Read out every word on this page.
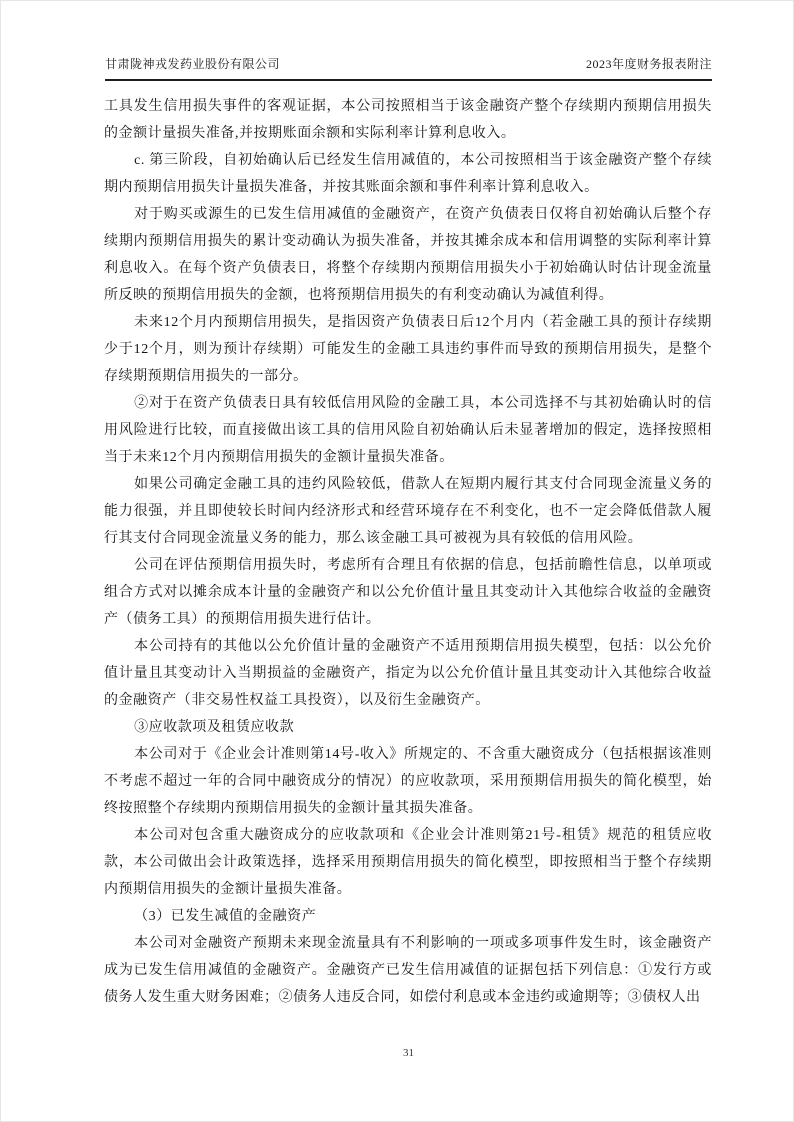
甘肃陇神戎发药业股份有限公司	2023年度财务报表附注

工具发生信用损失事件的客观证据，本公司按照相当于该金融资产整个存续期内预期信用损失的金额计量损失准备,并按期账面余额和实际利率计算利息收入。

c. 第三阶段，自初始确认后已经发生信用减值的，本公司按照相当于该金融资产整个存续期内预期信用损失计量损失准备，并按其账面余额和事件利率计算利息收入。

对于购买或源生的已发生信用减值的金融资产，在资产负债表日仅将自初始确认后整个存续期内预期信用损失的累计变动确认为损失准备，并按其摊余成本和信用调整的实际利率计算利息收入。在每个资产负债表日，将整个存续期内预期信用损失小于初始确认时估计现金流量所反映的预期信用损失的金额，也将预期信用损失的有利变动确认为减值利得。

未来12个月内预期信用损失，是指因资产负债表日后12个月内（若金融工具的预计存续期少于12个月，则为预计存续期）可能发生的金融工具违约事件而导致的预期信用损失，是整个存续期预期信用损失的一部分。

②对于在资产负债表日具有较低信用风险的金融工具，本公司选择不与其初始确认时的信用风险进行比较，而直接做出该工具的信用风险自初始确认后未显著增加的假定，选择按照相当于未来12个月内预期信用损失的金额计量损失准备。

如果公司确定金融工具的违约风险较低，借款人在短期内履行其支付合同现金流量义务的能力很强，并且即使较长时间内经济形式和经营环境存在不利变化，也不一定会降低借款人履行其支付合同现金流量义务的能力，那么该金融工具可被视为具有较低的信用风险。

公司在评估预期信用损失时，考虑所有合理且有依据的信息，包括前瞻性信息，以单项或组合方式对以摊余成本计量的金融资产和以公允价值计量且其变动计入其他综合收益的金融资产（债务工具）的预期信用损失进行估计。

本公司持有的其他以公允价值计量的金融资产不适用预期信用损失模型，包括：以公允价值计量且其变动计入当期损益的金融资产，指定为以公允价值计量且其变动计入其他综合收益的金融资产（非交易性权益工具投资），以及衍生金融资产。

③应收款项及租赁应收款

本公司对于《企业会计准则第14号-收入》所规定的、不含重大融资成分（包括根据该准则不考虑不超过一年的合同中融资成分的情况）的应收款项，采用预期信用损失的简化模型，始终按照整个存续期内预期信用损失的金额计量其损失准备。

本公司对包含重大融资成分的应收款项和《企业会计准则第21号-租赁》规范的租赁应收款，本公司做出会计政策选择，选择采用预期信用损失的简化模型，即按照相当于整个存续期内预期信用损失的金额计量损失准备。

（3）已发生减值的金融资产

本公司对金融资产预期未来现金流量具有不利影响的一项或多项事件发生时，该金融资产成为已发生信用减值的金融资产。金融资产已发生信用减值的证据包括下列信息：①发行方或债务人发生重大财务困难；②债务人违反合同，如偿付利息或本金违约或逾期等；③债权人出

31
